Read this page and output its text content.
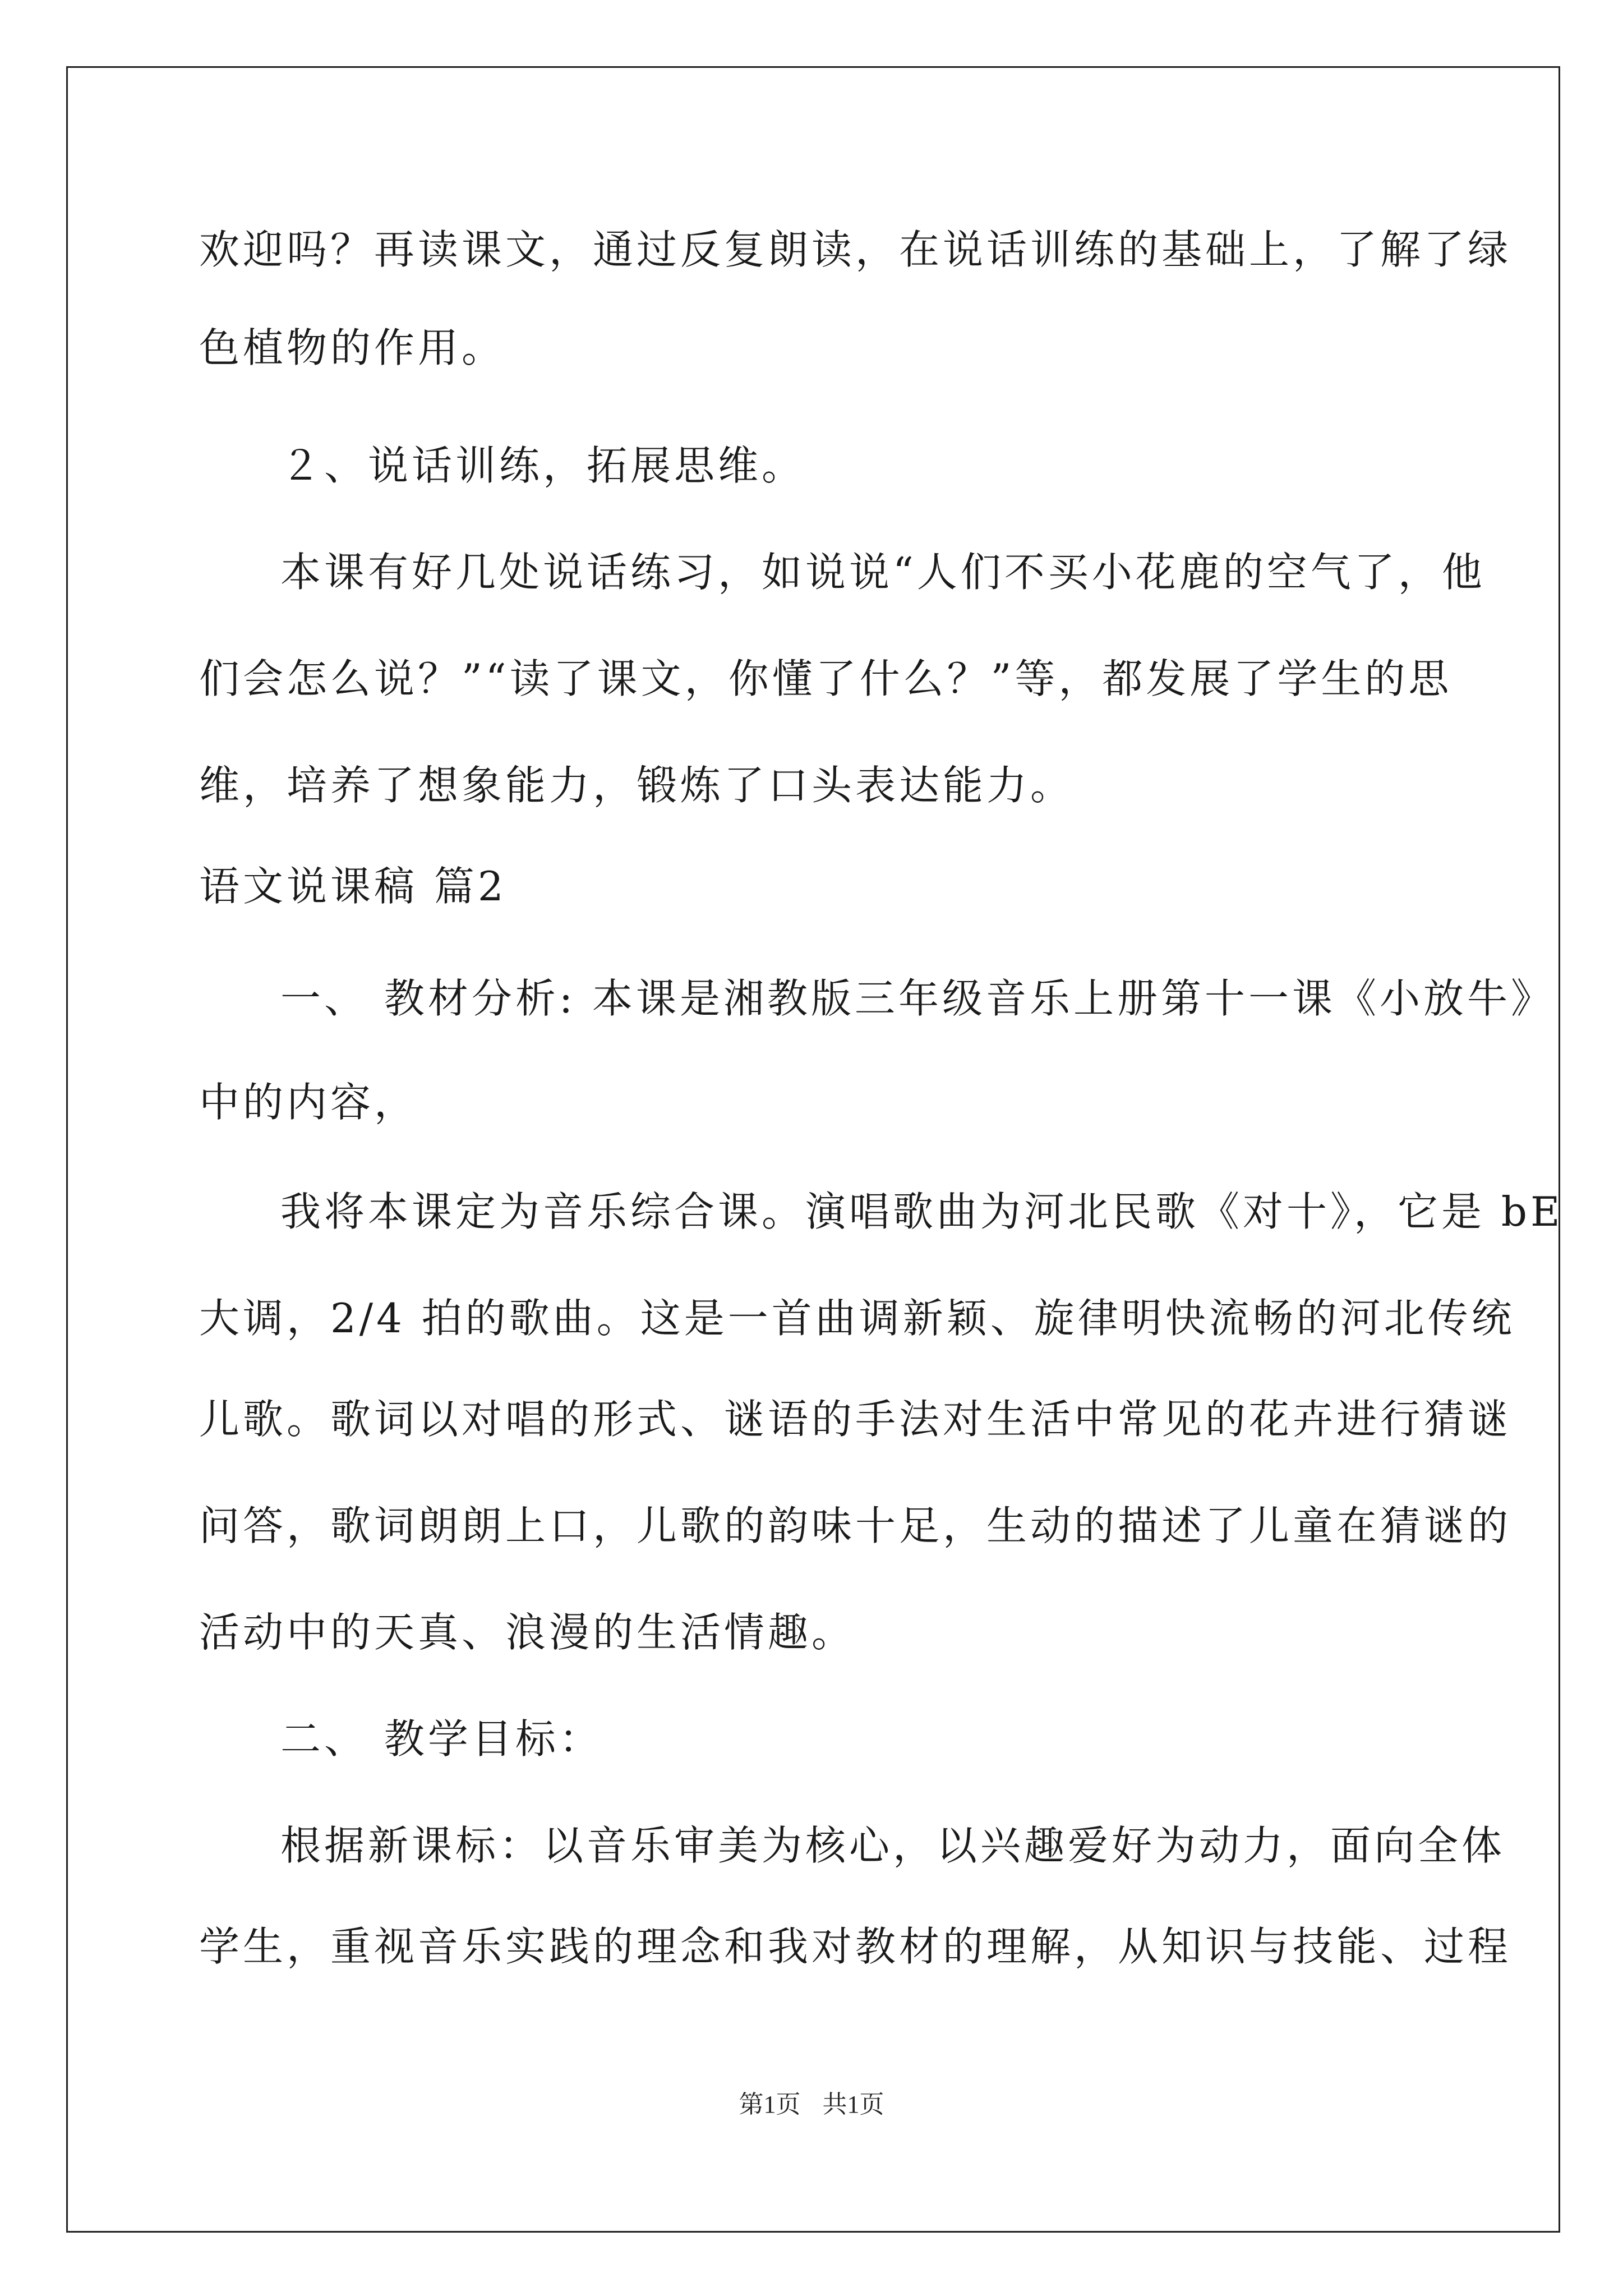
欢迎吗？再读课文，通过反复朗读，在说话训练的基础上，了解了绿
色植物的作用。
２、说话训练，拓展思维。
本课有好几处说话练习，如说说“人们不买小花鹿的空气了，他
们会怎么说？”“读了课文，你懂了什么？”等，都发展了学生的思
维，培养了想象能力，锻炼了口头表达能力。
语文说课稿 篇2
一、 教材分析: 本课是湘教版三年级音乐上册第十一课《小放牛》
中的内容，
我将本课定为音乐综合课。演唱歌曲为河北民歌《对十》，它是 bE
大调，2/4 拍的歌曲。这是一首曲调新颖、旋律明快流畅的河北传统
儿歌。歌词以对唱的形式、谜语的手法对生活中常见的花卉进行猜谜
问答，歌词朗朗上口，儿歌的韵味十足，生动的描述了儿童在猜谜的
活动中的天真、浪漫的生活情趣。
二、 教学目标：
根据新课标：以音乐审美为核心，以兴趣爱好为动力，面向全体
学生，重视音乐实践的理念和我对教材的理解，从知识与技能、过程
第1页 共1页
